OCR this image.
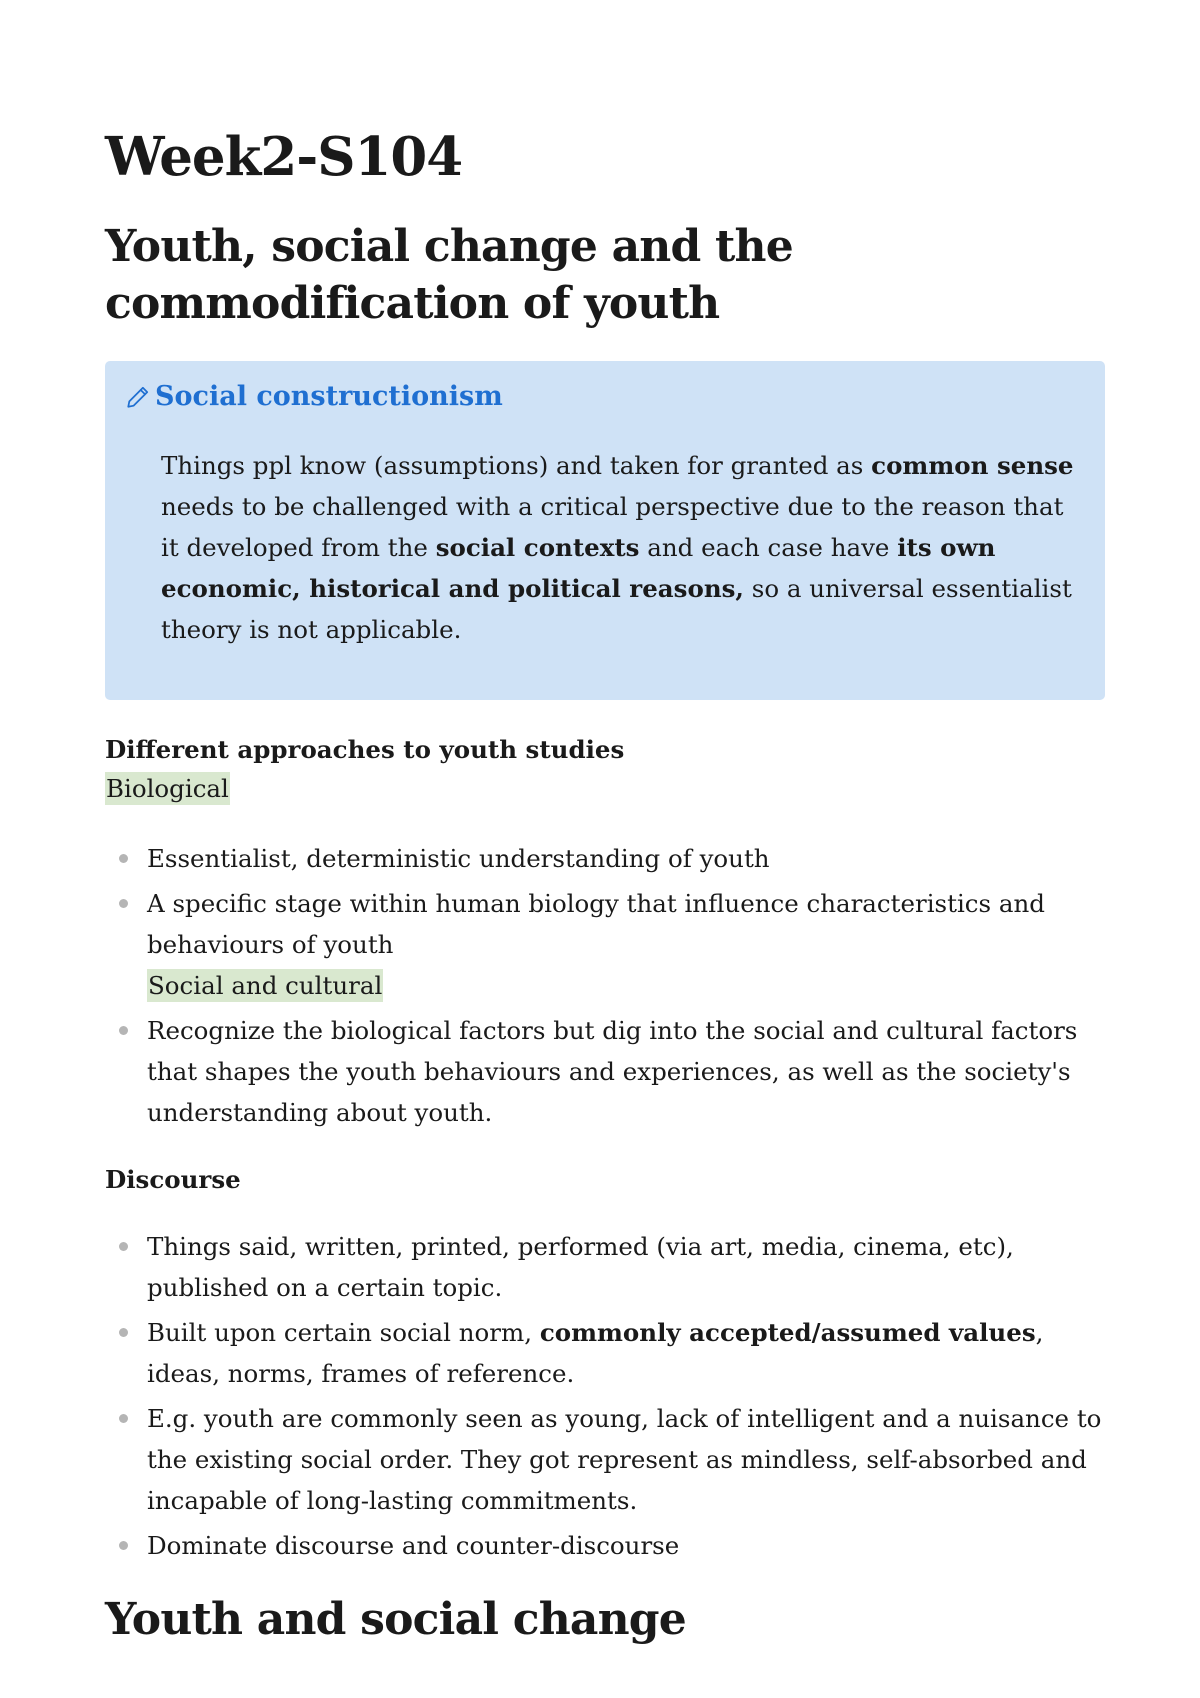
Week2-S104
Youth, social change and the commodification of youth
Social constructionism

Things ppl know (assumptions) and taken for granted as common sense needs to be challenged with a critical perspective due to the reason that it developed from the social contexts and each case have its own economic, historical and political reasons, so a universal essentialist theory is not applicable.

Different approaches to youth studies
Biological
Essentialist, deterministic understanding of youth
A specific stage within human biology that influence characteristics and behaviours of youth
Social and cultural
Recognize the biological factors but dig into the social and cultural factors that shapes the youth behaviours and experiences, as well as the society's understanding about youth.
Discourse
Things said, written, printed, performed (via art, media, cinema, etc), published on a certain topic.
Built upon certain social norm, commonly accepted/assumed values, ideas, norms, frames of reference.
E.g. youth are commonly seen as young, lack of intelligent and a nuisance to the existing social order. They got represent as mindless, self-absorbed and incapable of long-lasting commitments.
Dominate discourse and counter-discourse
Youth and social change
